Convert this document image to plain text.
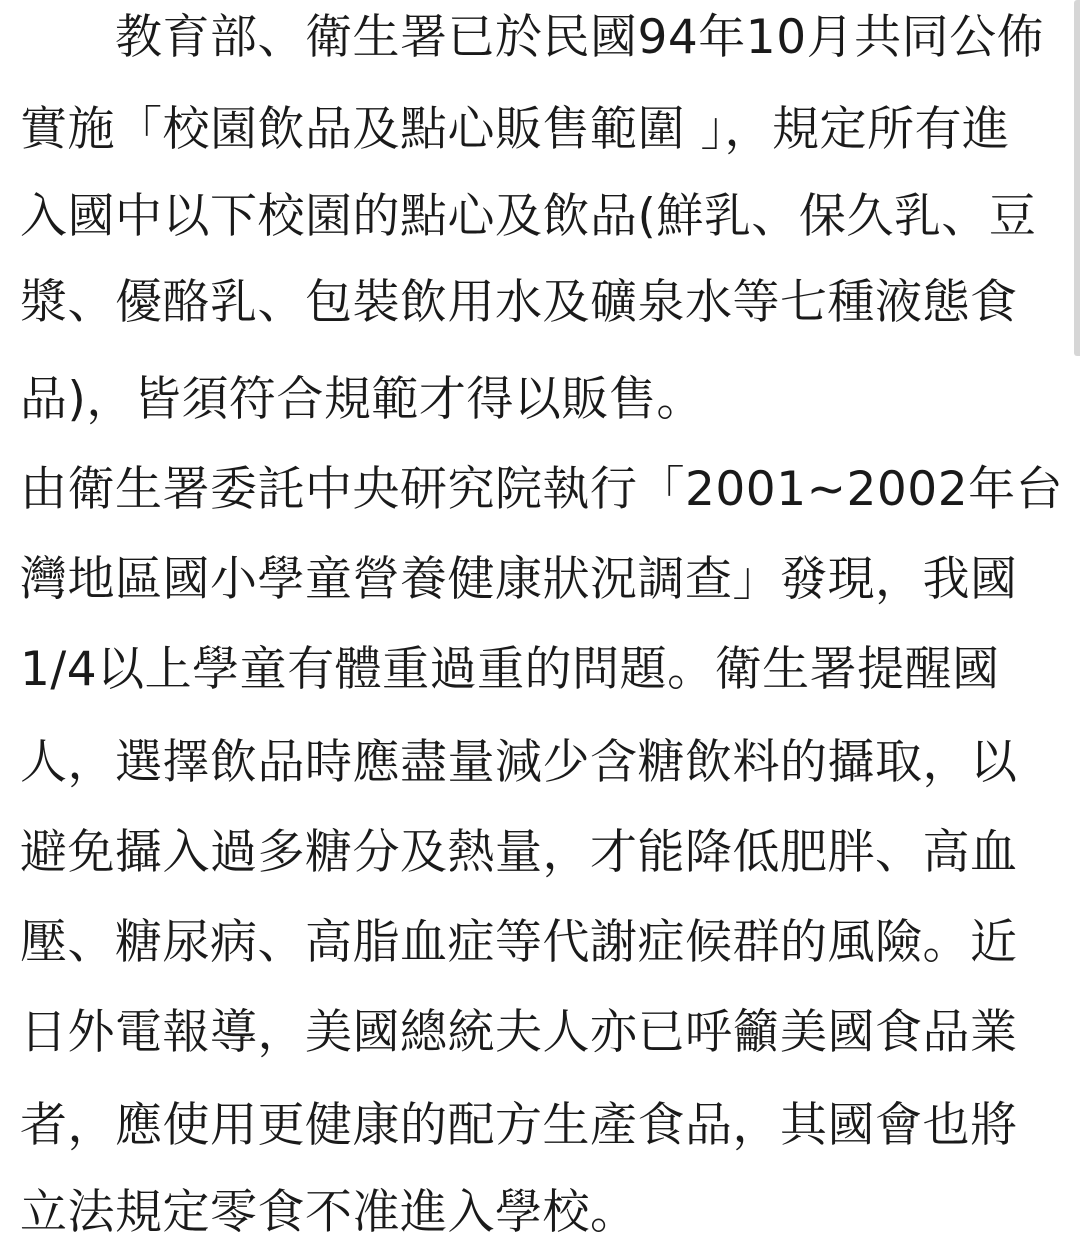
　　教育部、衛生署已於民國94年10月共同公佈
實施「校園飲品及點心販售範圍 」，規定所有進
入國中以下校園的點心及飲品(鮮乳、保久乳、豆
漿、優酪乳、包裝飲用水及礦泉水等七種液態食
品)，皆須符合規範才得以販售。
由衛生署委託中央研究院執行「2001~2002年台
灣地區國小學童營養健康狀況調查」發現，我國
1/4以上學童有體重過重的問題。衛生署提醒國
人，選擇飲品時應盡量減少含糖飲料的攝取，以
避免攝入過多糖分及熱量，才能降低肥胖、高血
壓、糖尿病、高脂血症等代謝症候群的風險。近
日外電報導，美國總統夫人亦已呼籲美國食品業
者，應使用更健康的配方生產食品，其國會也將
立法規定零食不准進入學校。
